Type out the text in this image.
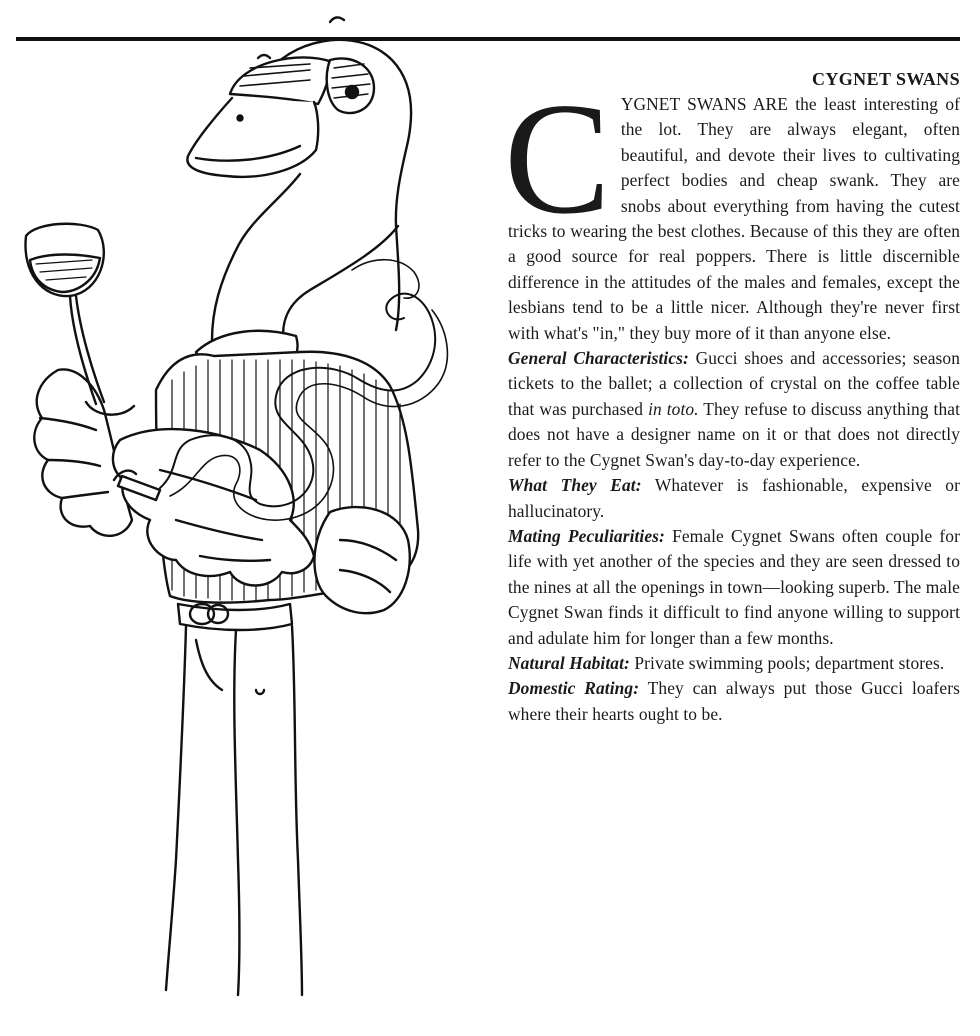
CYGNET SWANS

CYGNET SWANS ARE the least interesting of the lot. They are always elegant, often beautiful, and devote their lives to cultivating perfect bodies and cheap swank. They are snobs about everything from having the cutest tricks to wearing the best clothes. Because of this they are often a good source for real poppers. There is little discernible difference in the attitudes of the males and females, except the lesbians tend to be a little nicer. Although they're never first with what's "in," they buy more of it than anyone else.

General Characteristics: Gucci shoes and accessories; season tickets to the ballet; a collection of crystal on the coffee table that was purchased in toto. They refuse to discuss anything that does not have a designer name on it or that does not directly refer to the Cygnet Swan's day-to-day experience.

What They Eat: Whatever is fashionable, expensive or hallucinatory.

Mating Peculiarities: Female Cygnet Swans often couple for life with yet another of the species and they are seen dressed to the nines at all the openings in town—looking superb. The male Cygnet Swan finds it difficult to find anyone willing to support and adulate him for longer than a few months.

Natural Habitat: Private swimming pools; department stores.

Domestic Rating: They can always put those Gucci loafers where their hearts ought to be.
